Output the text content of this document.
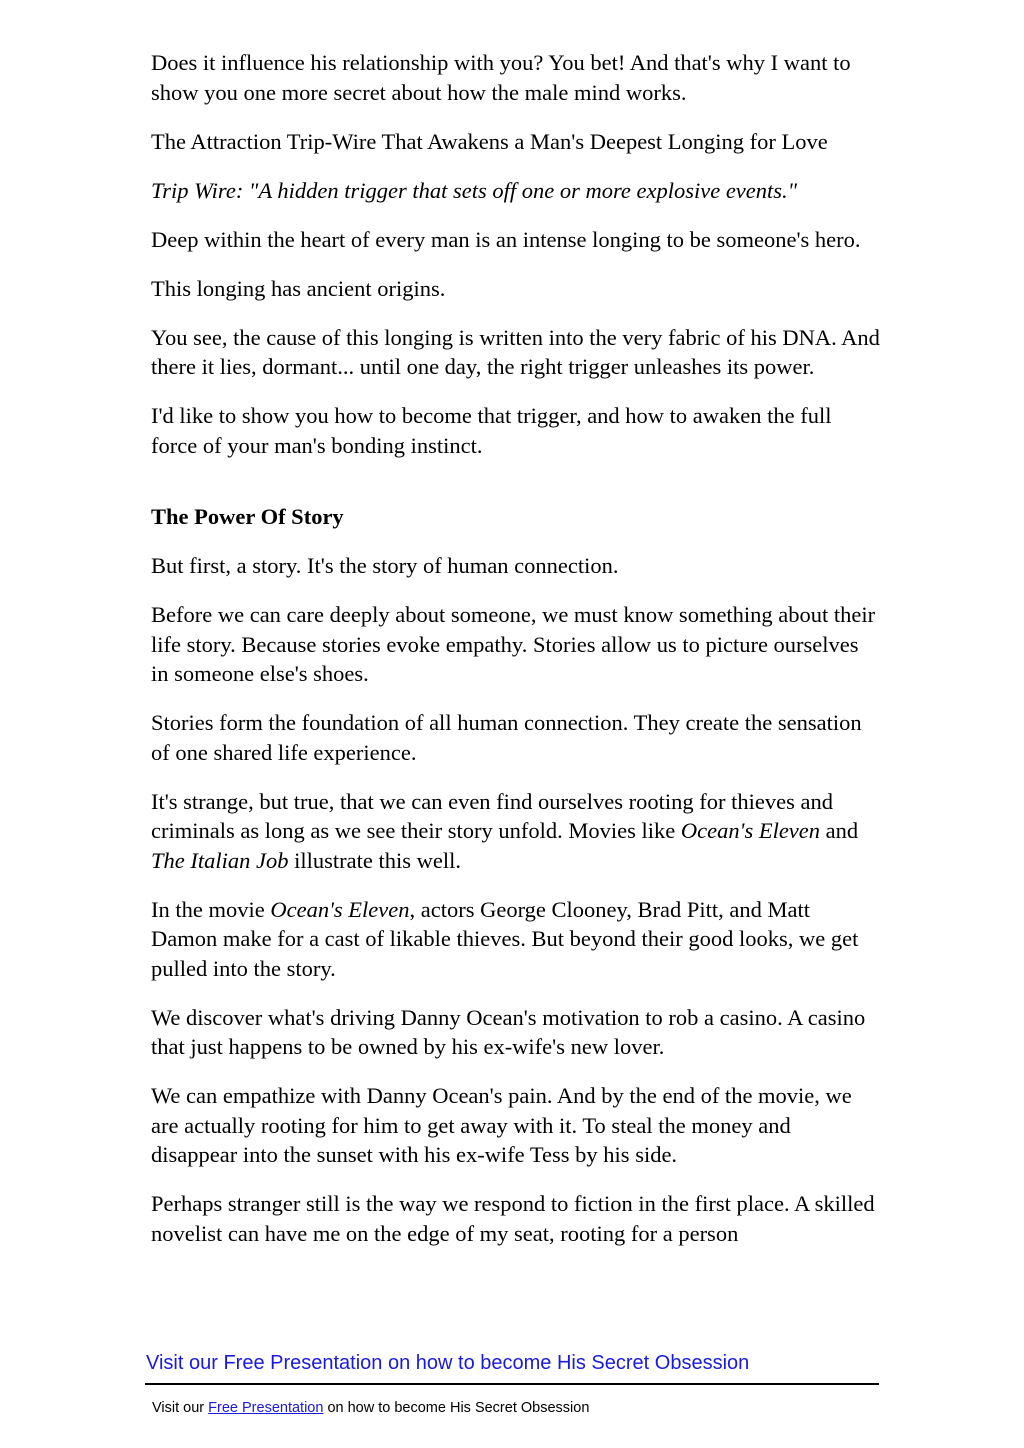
Does it influence his relationship with you? You bet! And that's why I want to show you one more secret about how the male mind works.

The Attraction Trip-Wire That Awakens a Man's Deepest Longing for Love

Trip Wire: "A hidden trigger that sets off one or more explosive events."

Deep within the heart of every man is an intense longing to be someone's hero.

This longing has ancient origins.

You see, the cause of this longing is written into the very fabric of his DNA. And there it lies, dormant... until one day, the right trigger unleashes its power.

I'd like to show you how to become that trigger, and how to awaken the full force of your man's bonding instinct.

The Power Of Story

But first, a story. It's the story of human connection.

Before we can care deeply about someone, we must know something about their life story. Because stories evoke empathy. Stories allow us to picture ourselves in someone else's shoes.

Stories form the foundation of all human connection. They create the sensation of one shared life experience.

It's strange, but true, that we can even find ourselves rooting for thieves and criminals as long as we see their story unfold. Movies like Ocean's Eleven and The Italian Job illustrate this well.

In the movie Ocean's Eleven, actors George Clooney, Brad Pitt, and Matt Damon make for a cast of likable thieves. But beyond their good looks, we get pulled into the story.

We discover what's driving Danny Ocean's motivation to rob a casino. A casino that just happens to be owned by his ex-wife's new lover.

We can empathize with Danny Ocean's pain. And by the end of the movie, we are actually rooting for him to get away with it. To steal the money and disappear into the sunset with his ex-wife Tess by his side.

Perhaps stranger still is the way we respond to fiction in the first place. A skilled novelist can have me on the edge of my seat, rooting for a person

Visit our Free Presentation on how to become His Secret Obsession
Visit our Free Presentation on how to become His Secret Obsession
